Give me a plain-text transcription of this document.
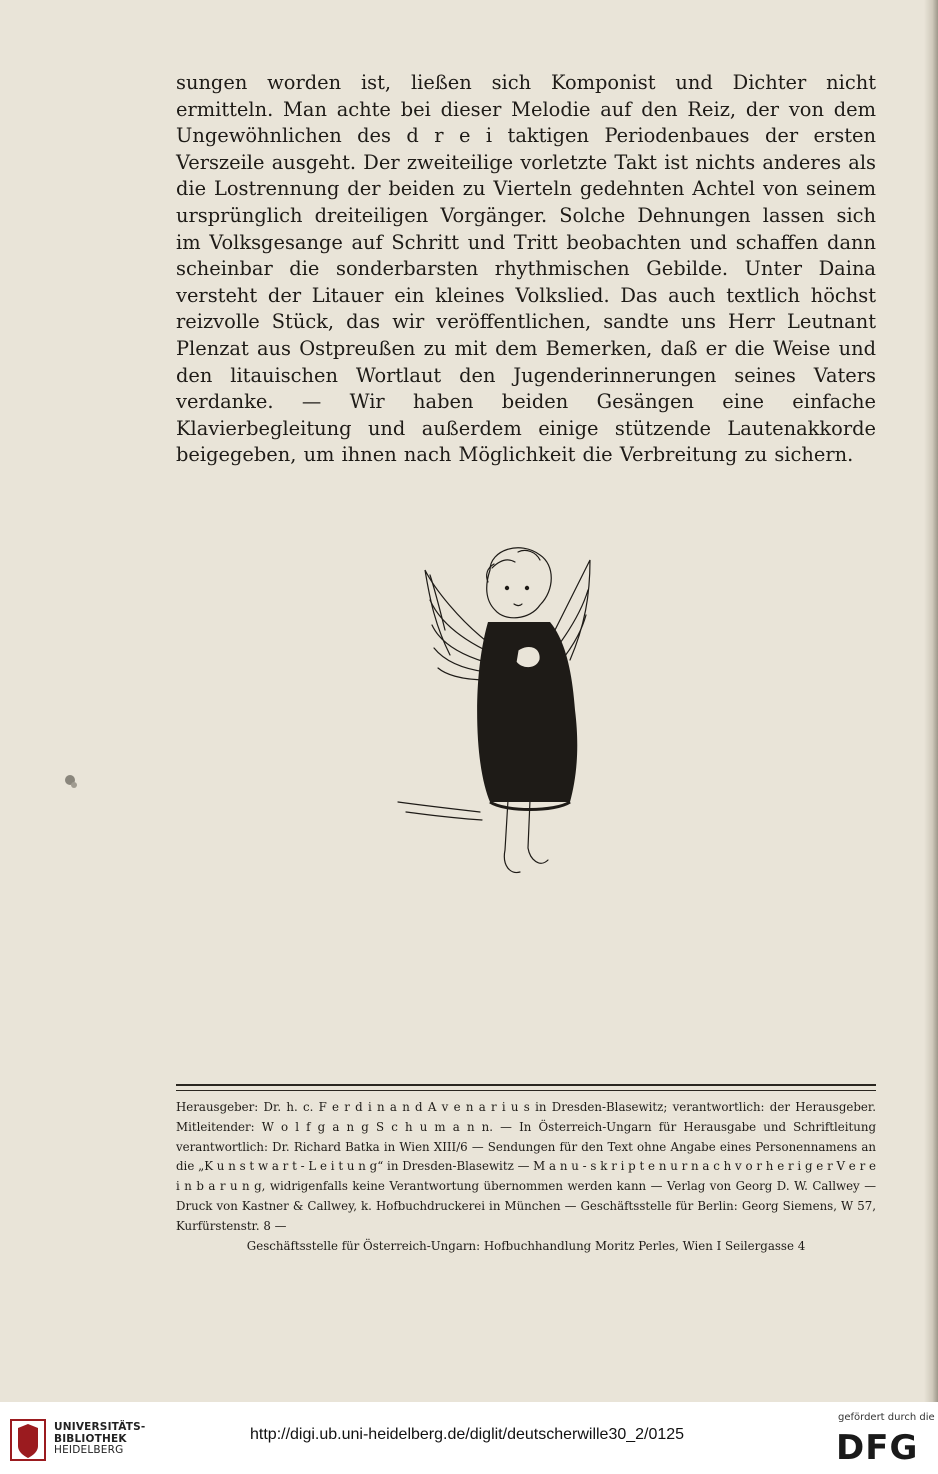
sungen worden ist, ließen sich Komponist und Dichter nicht ermitteln. Man achte bei dieser Melodie auf den Reiz, der von dem Ungewöhnlichen des d r e i taktigen Periodenbaues der ersten Verszeile ausgeht. Der zweiteilige vorletzte Takt ist nichts anderes als die Lostrennung der beiden zu Vierteln gedehnten Achtel von seinem ursprünglich dreiteiligen Vorgänger. Solche Dehnungen lassen sich im Volksgesange auf Schritt und Tritt beobachten und schaffen dann scheinbar die sonderbarsten rhythmischen Gebilde. Unter Daina versteht der Litauer ein kleines Volkslied. Das auch textlich höchst reizvolle Stück, das wir veröffentlichen, sandte uns Herr Leutnant Plenzat aus Ostpreußen zu mit dem Bemerken, daß er die Weise und den litauischen Wortlaut den Jugenderinnerungen seines Vaters verdanke. — Wir haben beiden Gesängen eine einfache Klavierbegleitung und außerdem einige stützende Lautenakkorde beigegeben, um ihnen nach Möglichkeit die Verbreitung zu sichern.

Herausgeber: Dr. h. c. F e r d i n a n d A v e n a r i u s in Dresden-Blasewitz; verantwortlich: der Herausgeber. Mitleitender: W o l f g a n g S c h u m a n n. — In Österreich-Ungarn für Herausgabe und Schriftleitung verantwortlich: Dr. Richard Batka in Wien XIII/6 — Sendungen für den Text ohne Angabe eines Personennamens an die „K u n s t w a r t - L e i t u n g“ in Dresden-Blasewitz — M a n u - s k r i p t e n u r n a c h v o r h e r i g e r V e r e i n b a r u n g, widrigenfalls keine Verantwortung übernommen werden kann — Verlag von Georg D. W. Callwey — Druck von Kastner & Callwey, k. Hofbuchdruckerei in München — Geschäftsstelle für Berlin: Georg Siemens, W 57, Kurfürstenstr. 8 —
Geschäftsstelle für Österreich-Ungarn: Hofbuchhandlung Moritz Perles, Wien I Seilergasse 4
UNIVERSITÄTS-
BIBLIOTHEK
HEIDELBERG
http://digi.ub.uni-heidelberg.de/diglit/deutscherwille30_2/0125
gefördert durch die
DFG
